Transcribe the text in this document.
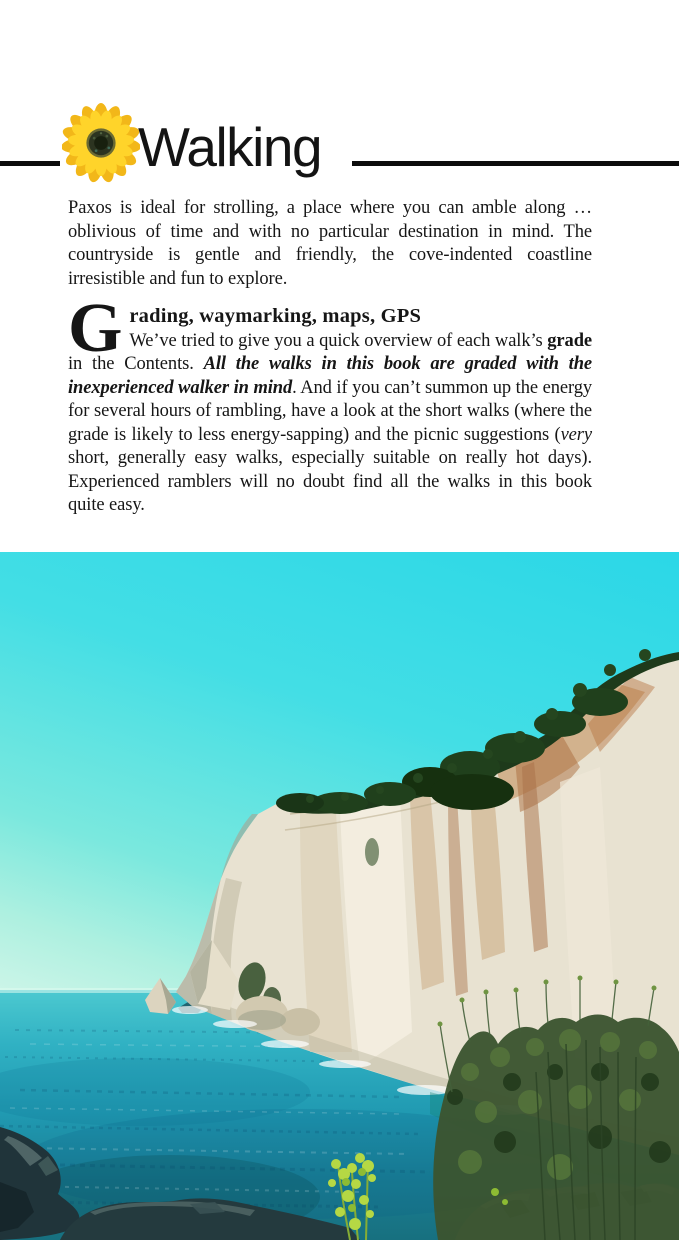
Walking

Paxos is ideal for strolling, a place where you can amble along … oblivious of time and with no particular destination in mind. The countryside is gentle and friendly, the cove-indented coastline irresistible and fun to explore.

Grading, waymarking, maps, GPS
We’ve tried to give you a quick overview of each walk’s grade in the Contents. All the walks in this book are graded with the inexperienced walker in mind. And if you can’t summon up the energy for several hours of rambling, have a look at the short walks (where the grade is likely to less energy-sapping) and the picnic suggestions (very short, generally easy walks, especially suitable on really hot days). Experienced ramblers will no doubt find all the walks in this book quite easy.
